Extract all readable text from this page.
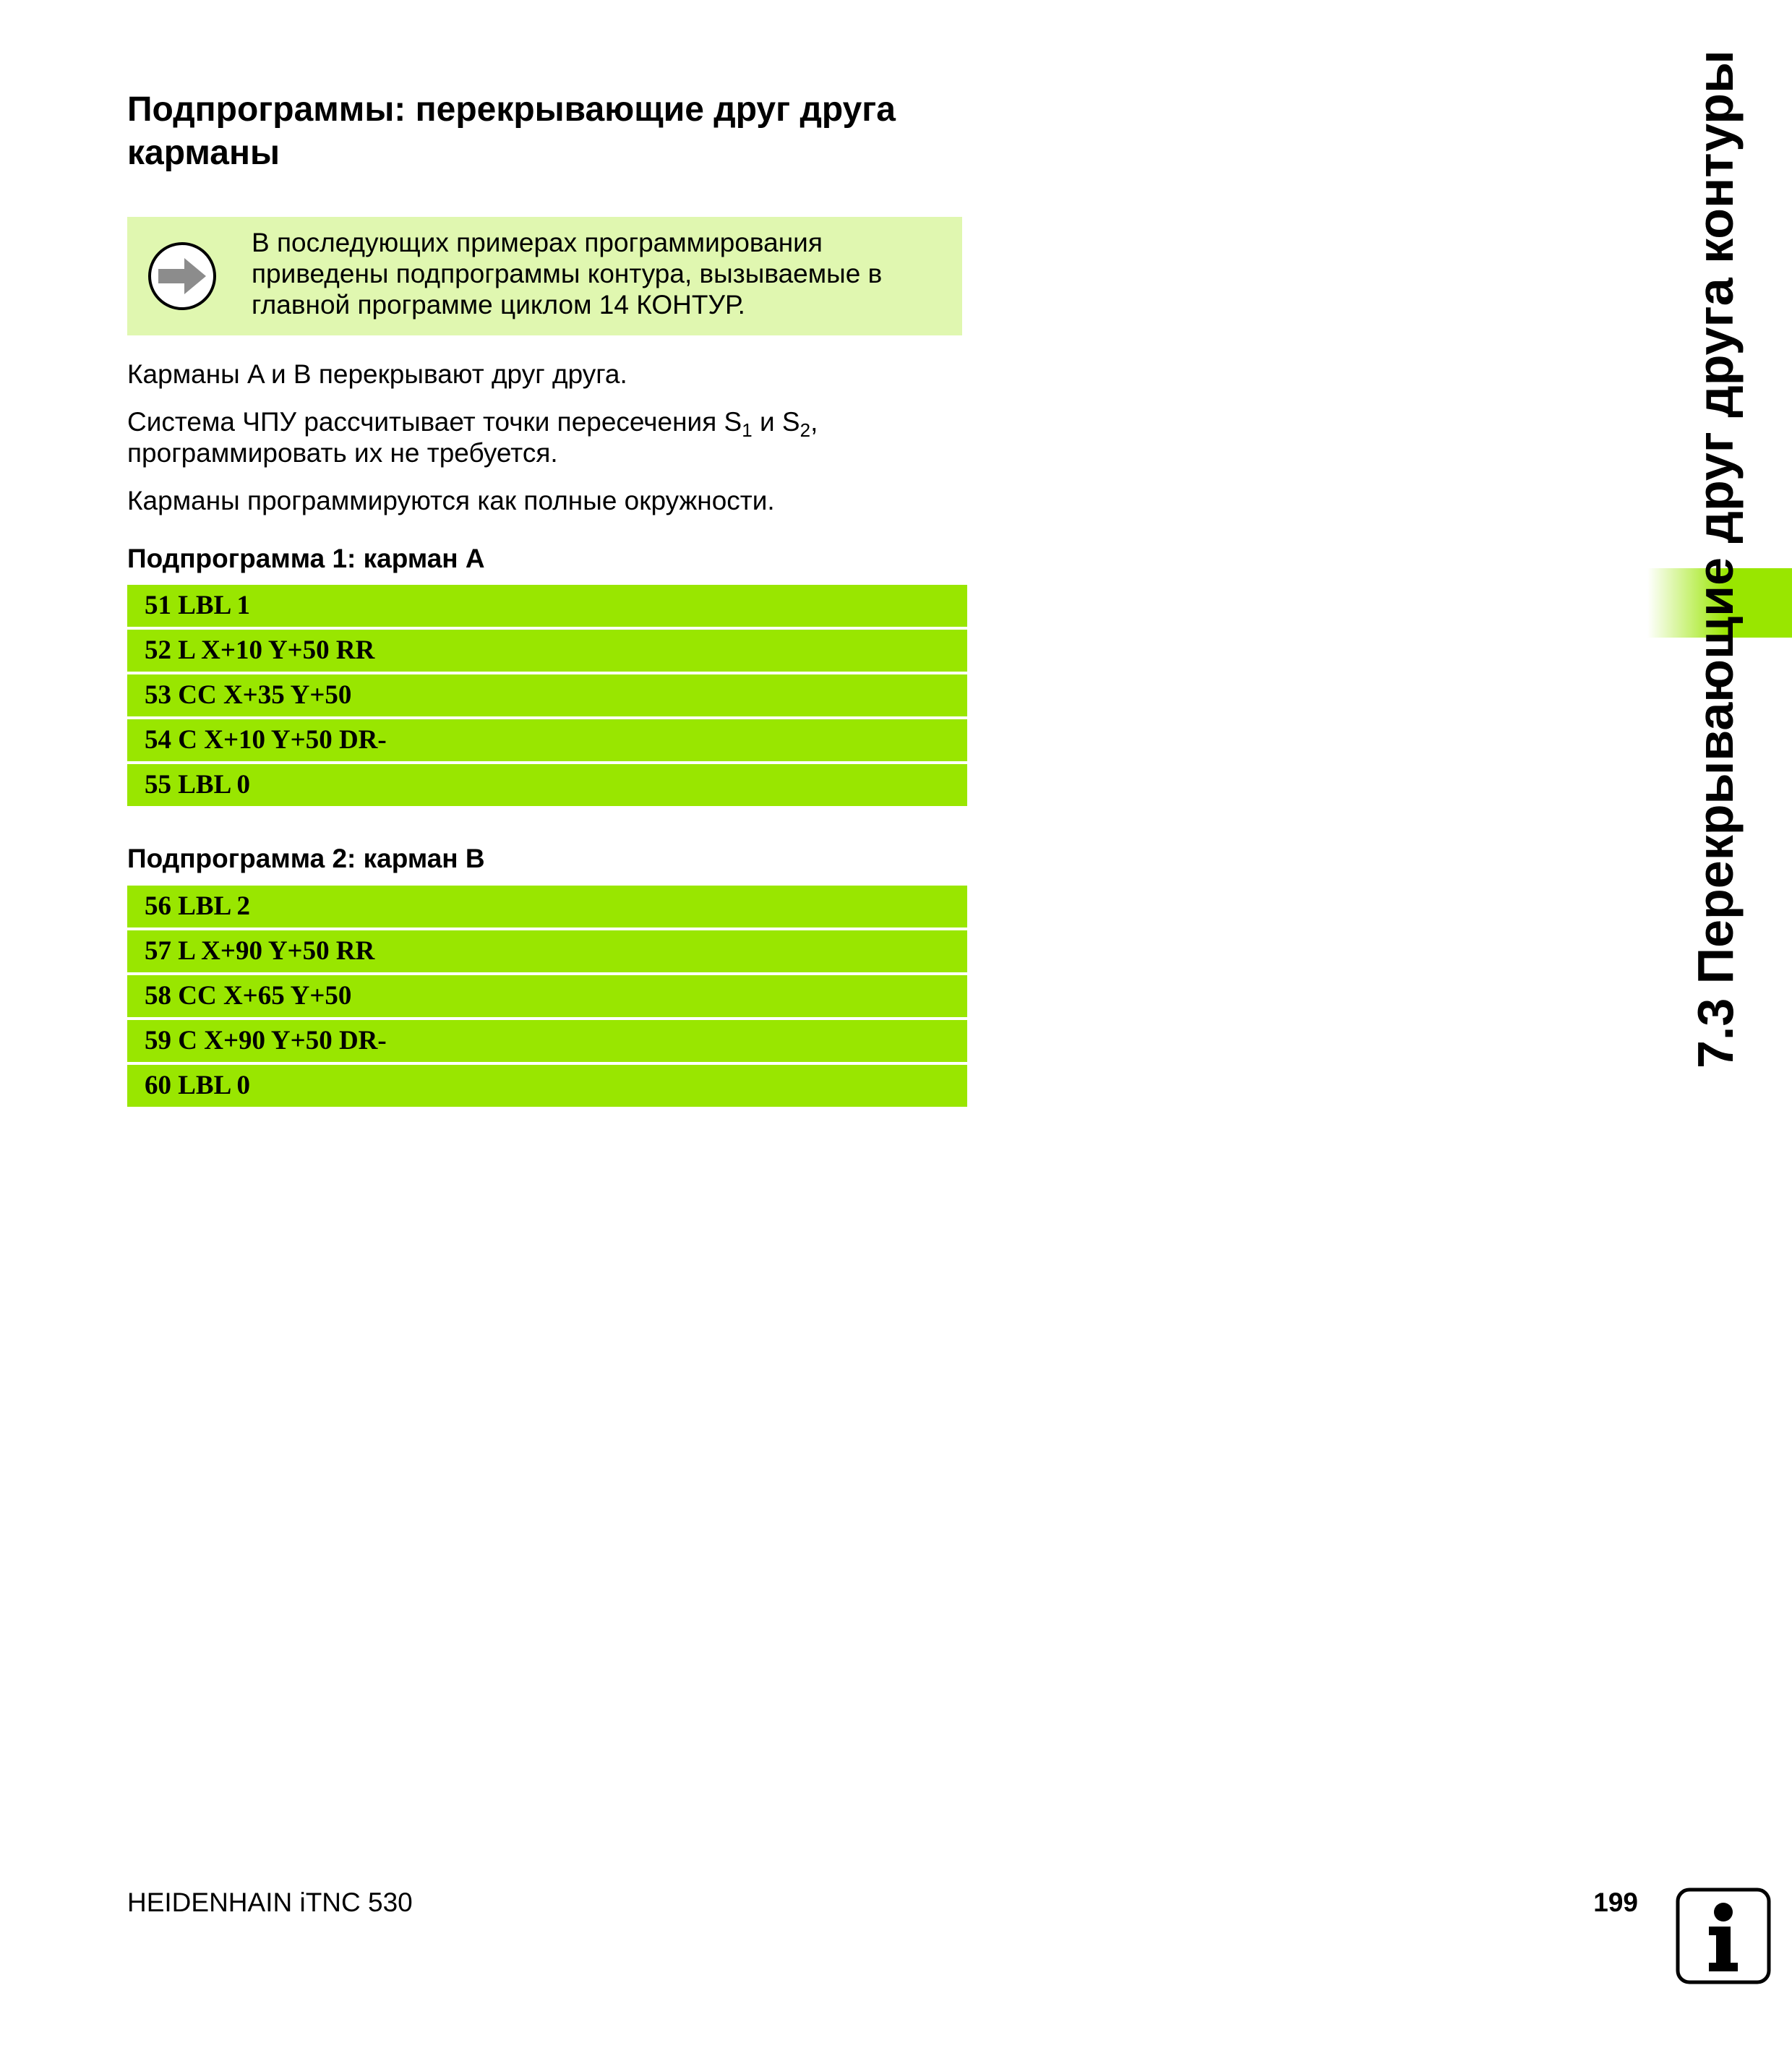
Подпрограммы: перекрывающие друг друга карманы
В последующих примерах программирования приведены подпрограммы контура, вызываемые в главной программе циклом 14 КОНТУР.

Карманы A и B перекрывают друг друга.

Система ЧПУ рассчитывает точки пересечения $S_1$ и $S_2$, программировать их не требуется.

Карманы программируются как полные окружности.

Подпрограмма 1: карман A
51 LBL 1
52 L X+10 Y+50 RR
53 CC X+35 Y+50
54 C X+10 Y+50 DR-
55 LBL 0
Подпрограмма 2: карман B
56 LBL 2
57 L X+90 Y+50 RR
58 CC X+65 Y+50
59 C X+90 Y+50 DR-
60 LBL 0
7.3 Перекрывающие друг друга контуры
HEIDENHAIN iTNC 530	199
